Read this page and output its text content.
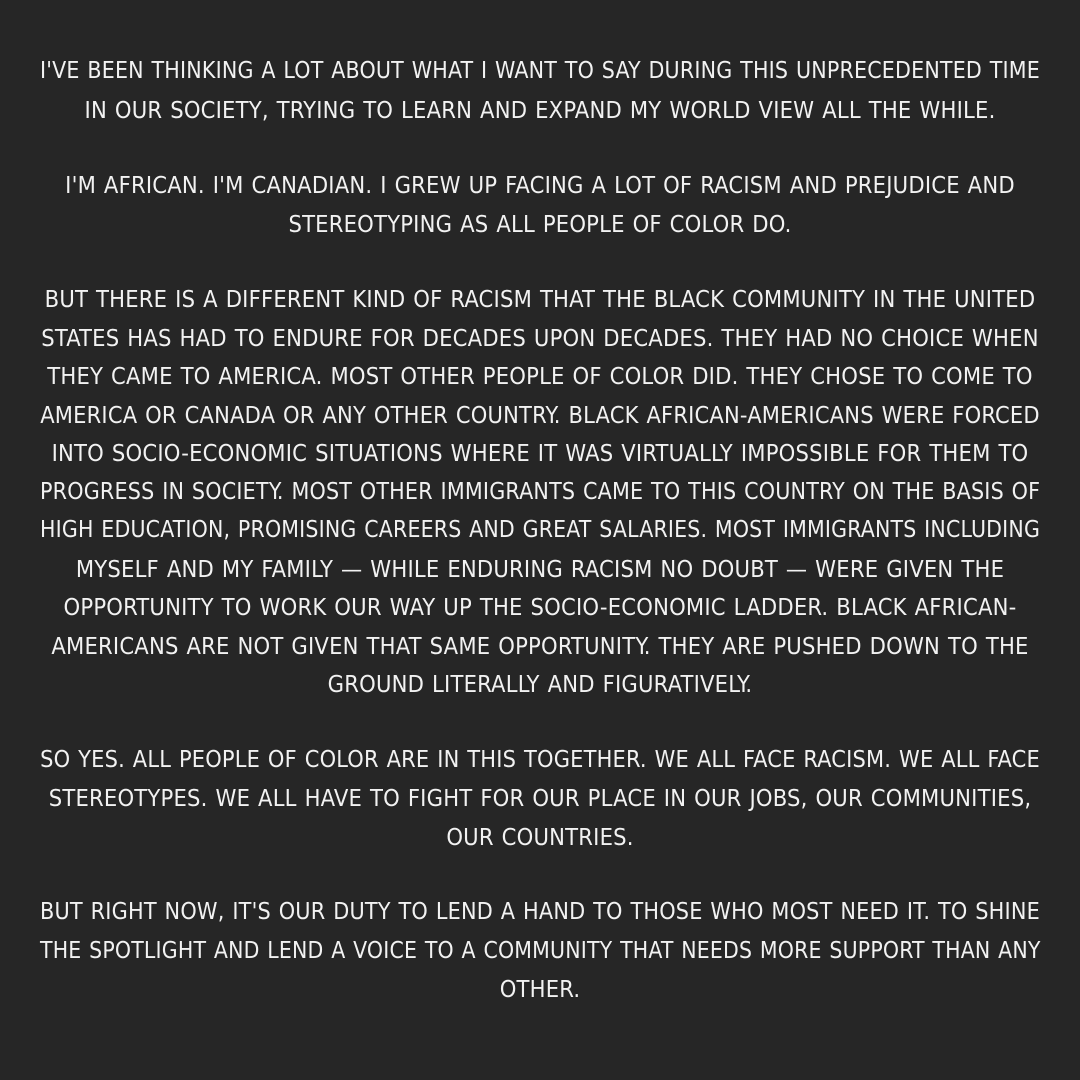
I'VE BEEN THINKING A LOT ABOUT WHAT I WANT TO SAY DURING THIS UNPRECEDENTED TIME
IN OUR SOCIETY, TRYING TO LEARN AND EXPAND MY WORLD VIEW ALL THE WHILE.

I'M AFRICAN. I'M CANADIAN. I GREW UP FACING A LOT OF RACISM AND PREJUDICE AND
STEREOTYPING AS ALL PEOPLE OF COLOR DO.

BUT THERE IS A DIFFERENT KIND OF RACISM THAT THE BLACK COMMUNITY IN THE UNITED
STATES HAS HAD TO ENDURE FOR DECADES UPON DECADES. THEY HAD NO CHOICE WHEN
THEY CAME TO AMERICA. MOST OTHER PEOPLE OF COLOR DID. THEY CHOSE TO COME TO
AMERICA OR CANADA OR ANY OTHER COUNTRY. BLACK AFRICAN-AMERICANS WERE FORCED
INTO SOCIO-ECONOMIC SITUATIONS WHERE IT WAS VIRTUALLY IMPOSSIBLE FOR THEM TO
PROGRESS IN SOCIETY. MOST OTHER IMMIGRANTS CAME TO THIS COUNTRY ON THE BASIS OF
HIGH EDUCATION, PROMISING CAREERS AND GREAT SALARIES. MOST IMMIGRANTS INCLUDING
MYSELF AND MY FAMILY — WHILE ENDURING RACISM NO DOUBT — WERE GIVEN THE
OPPORTUNITY TO WORK OUR WAY UP THE SOCIO-ECONOMIC LADDER. BLACK AFRICAN-
AMERICANS ARE NOT GIVEN THAT SAME OPPORTUNITY. THEY ARE PUSHED DOWN TO THE
GROUND LITERALLY AND FIGURATIVELY.

SO YES. ALL PEOPLE OF COLOR ARE IN THIS TOGETHER. WE ALL FACE RACISM. WE ALL FACE
STEREOTYPES. WE ALL HAVE TO FIGHT FOR OUR PLACE IN OUR JOBS, OUR COMMUNITIES,
OUR COUNTRIES.

BUT RIGHT NOW, IT'S OUR DUTY TO LEND A HAND TO THOSE WHO MOST NEED IT. TO SHINE
THE SPOTLIGHT AND LEND A VOICE TO A COMMUNITY THAT NEEDS MORE SUPPORT THAN ANY
OTHER.
